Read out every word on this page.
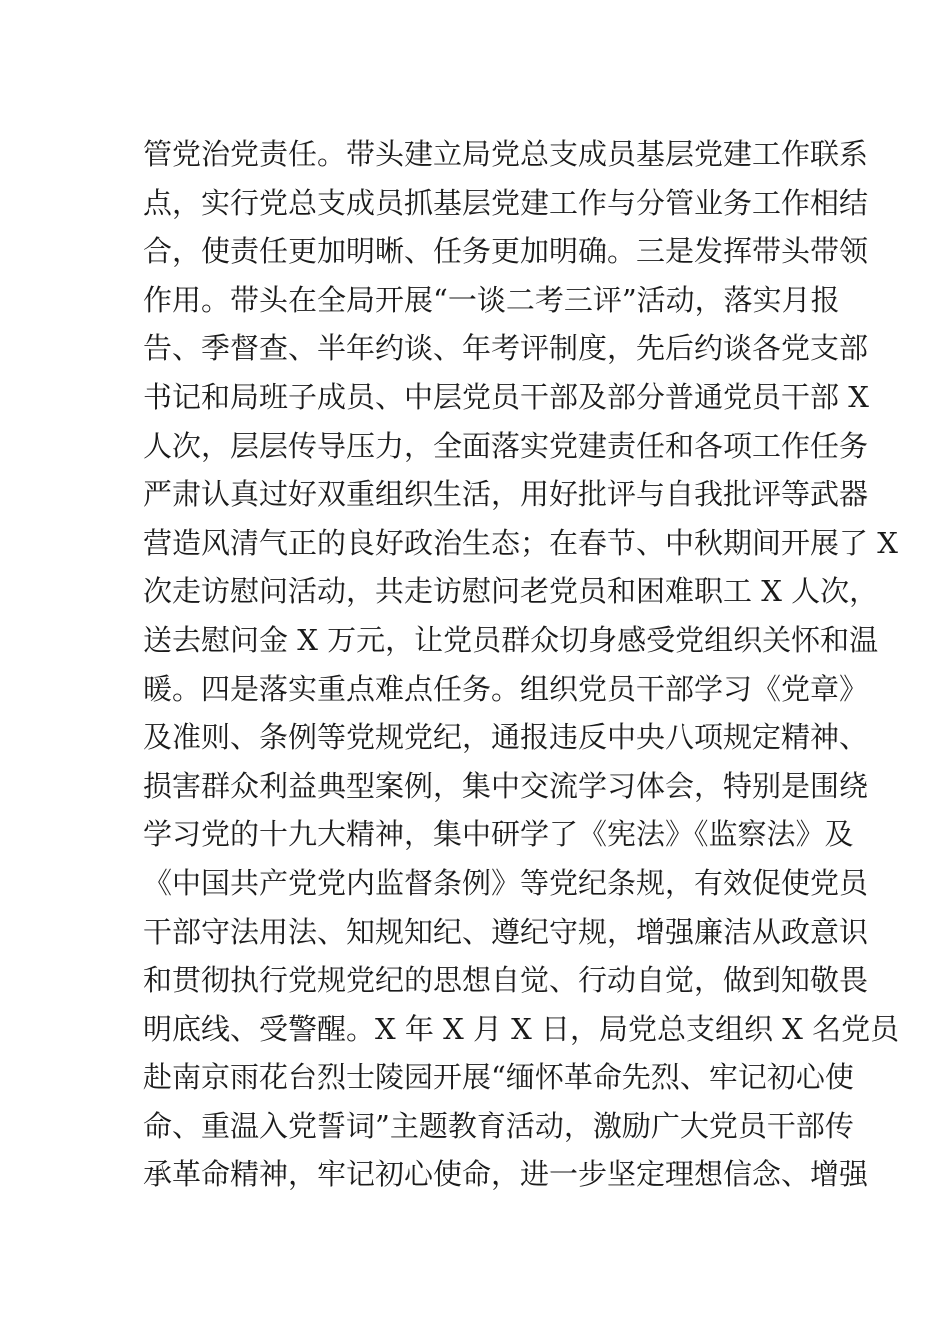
管党治党责任。带头建立局党总支成员基层党建工作联系
点，实行党总支成员抓基层党建工作与分管业务工作相结
合，使责任更加明晰、任务更加明确。三是发挥带头带领
作用。带头在全局开展“一谈二考三评”活动，落实月报
告、季督查、半年约谈、年考评制度，先后约谈各党支部
书记和局班子成员、中层党员干部及部分普通党员干部 X
人次，层层传导压力，全面落实党建责任和各项工作任务
严肃认真过好双重组织生活，用好批评与自我批评等武器
营造风清气正的良好政治生态；在春节、中秋期间开展了 X
次走访慰问活动，共走访慰问老党员和困难职工 X 人次，
送去慰问金 X 万元，让党员群众切身感受党组织关怀和温
暖。四是落实重点难点任务。组织党员干部学习《党章》
及准则、条例等党规党纪，通报违反中央八项规定精神、
损害群众利益典型案例，集中交流学习体会，特别是围绕
学习党的十九大精神，集中研学了《宪法》《监察法》及
《中国共产党党内监督条例》等党纪条规，有效促使党员
干部守法用法、知规知纪、遵纪守规，增强廉洁从政意识
和贯彻执行党规党纪的思想自觉、行动自觉，做到知敬畏
明底线、受警醒。X 年 X 月 X 日，局党总支组织 X 名党员
赴南京雨花台烈士陵园开展“缅怀革命先烈、牢记初心使
命、重温入党誓词”主题教育活动，激励广大党员干部传
承革命精神，牢记初心使命，进一步坚定理想信念、增强
